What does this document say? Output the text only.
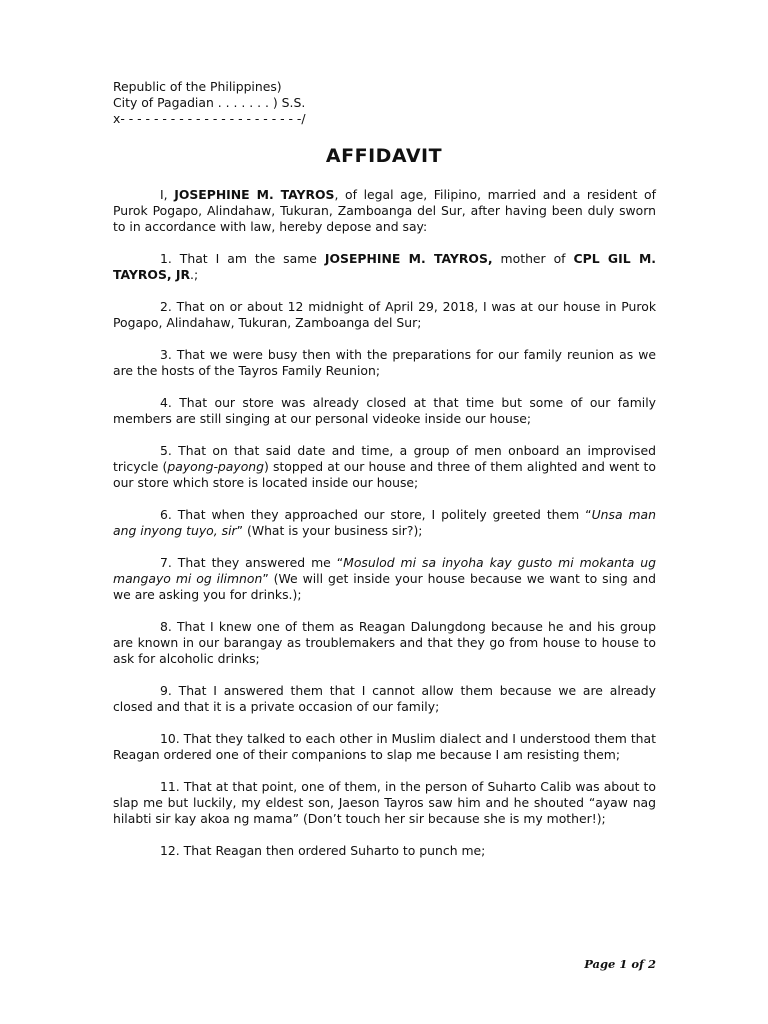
Republic of the Philippines)
City of Pagadian . . . . . . . ) S.S.
x- - - - - - - - - - - - - - - - - - - - - -/
AFFIDAVIT

I, JOSEPHINE M. TAYROS, of legal age, Filipino, married and a resident of Purok Pogapo, Alindahaw, Tukuran, Zamboanga del Sur, after having been duly sworn to in accordance with law, hereby depose and say:

1. That I am the same JOSEPHINE M. TAYROS, mother of CPL GIL M. TAYROS, JR.;

2. That on or about 12 midnight of April 29, 2018, I was at our house in Purok Pogapo, Alindahaw, Tukuran, Zamboanga del Sur;

3. That we were busy then with the preparations for our family reunion as we are the hosts of the Tayros Family Reunion;

4. That our store was already closed at that time but some of our family members are still singing at our personal videoke inside our house;

5. That on that said date and time, a group of men onboard an improvised tricycle (payong-payong) stopped at our house and three of them alighted and went to our store which store is located inside our house;

6. That when they approached our store, I politely greeted them “Unsa man ang inyong tuyo, sir” (What is your business sir?);

7. That they answered me “Mosulod mi sa inyoha kay gusto mi mokanta ug mangayo mi og ilimnon” (We will get inside your house because we want to sing and we are asking you for drinks.);

8. That I knew one of them as Reagan Dalungdong because he and his group are known in our barangay as troublemakers and that they go from house to house to ask for alcoholic drinks;

9. That I answered them that I cannot allow them because we are already closed and that it is a private occasion of our family;

10. That they talked to each other in Muslim dialect and I understood them that Reagan ordered one of their companions to slap me because I am resisting them;

11. That at that point, one of them, in the person of Suharto Calib was about to slap me but luckily, my eldest son, Jaeson Tayros saw him and he shouted “ayaw nag hilabti sir kay akoa ng mama” (Don’t touch her sir because she is my mother!);

12. That Reagan then ordered Suharto to punch me;

Page 1 of 2
